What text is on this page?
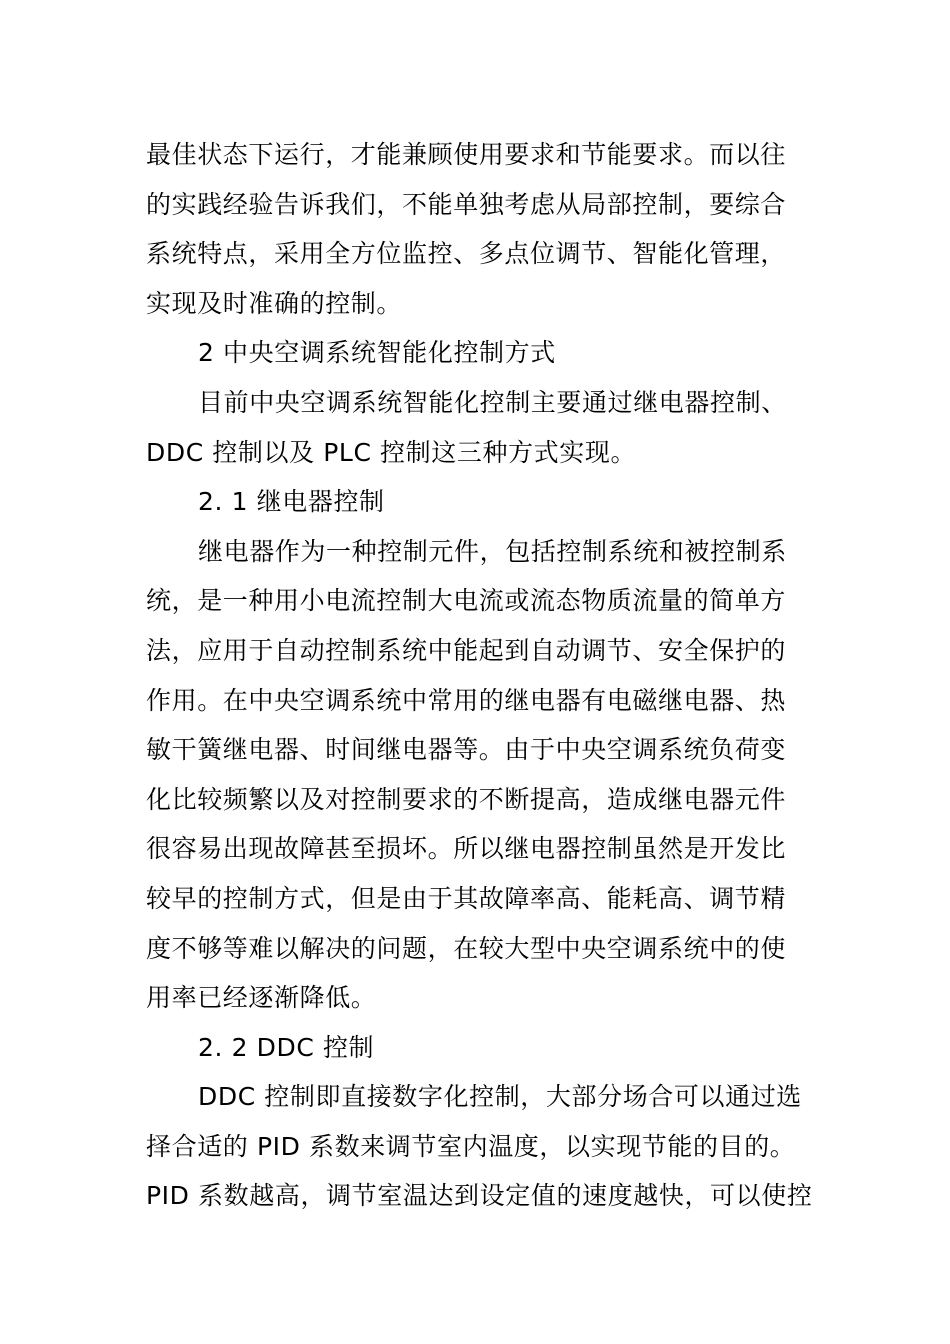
最佳状态下运行，才能兼顾使用要求和节能要求。而以往
的实践经验告诉我们，不能单独考虑从局部控制，要综合
系统特点，采用全方位监控、多点位调节、智能化管理，
实现及时准确的控制。
2 中央空调系统智能化控制方式
目前中央空调系统智能化控制主要通过继电器控制、
DDC 控制以及 PLC 控制这三种方式实现。
2. 1 继电器控制
继电器作为一种控制元件，包括控制系统和被控制系
统，是一种用小电流控制大电流或流态物质流量的简单方
法，应用于自动控制系统中能起到自动调节、安全保护的
作用。在中央空调系统中常用的继电器有电磁继电器、热
敏干簧继电器、时间继电器等。由于中央空调系统负荷变
化比较频繁以及对控制要求的不断提高，造成继电器元件
很容易出现故障甚至损坏。所以继电器控制虽然是开发比
较早的控制方式，但是由于其故障率高、能耗高、调节精
度不够等难以解决的问题，在较大型中央空调系统中的使
用率已经逐渐降低。
2. 2 DDC 控制
DDC 控制即直接数字化控制，大部分场合可以通过选
择合适的 PID 系数来调节室内温度，以实现节能的目的。
PID 系数越高，调节室温达到设定值的速度越快，可以使控
